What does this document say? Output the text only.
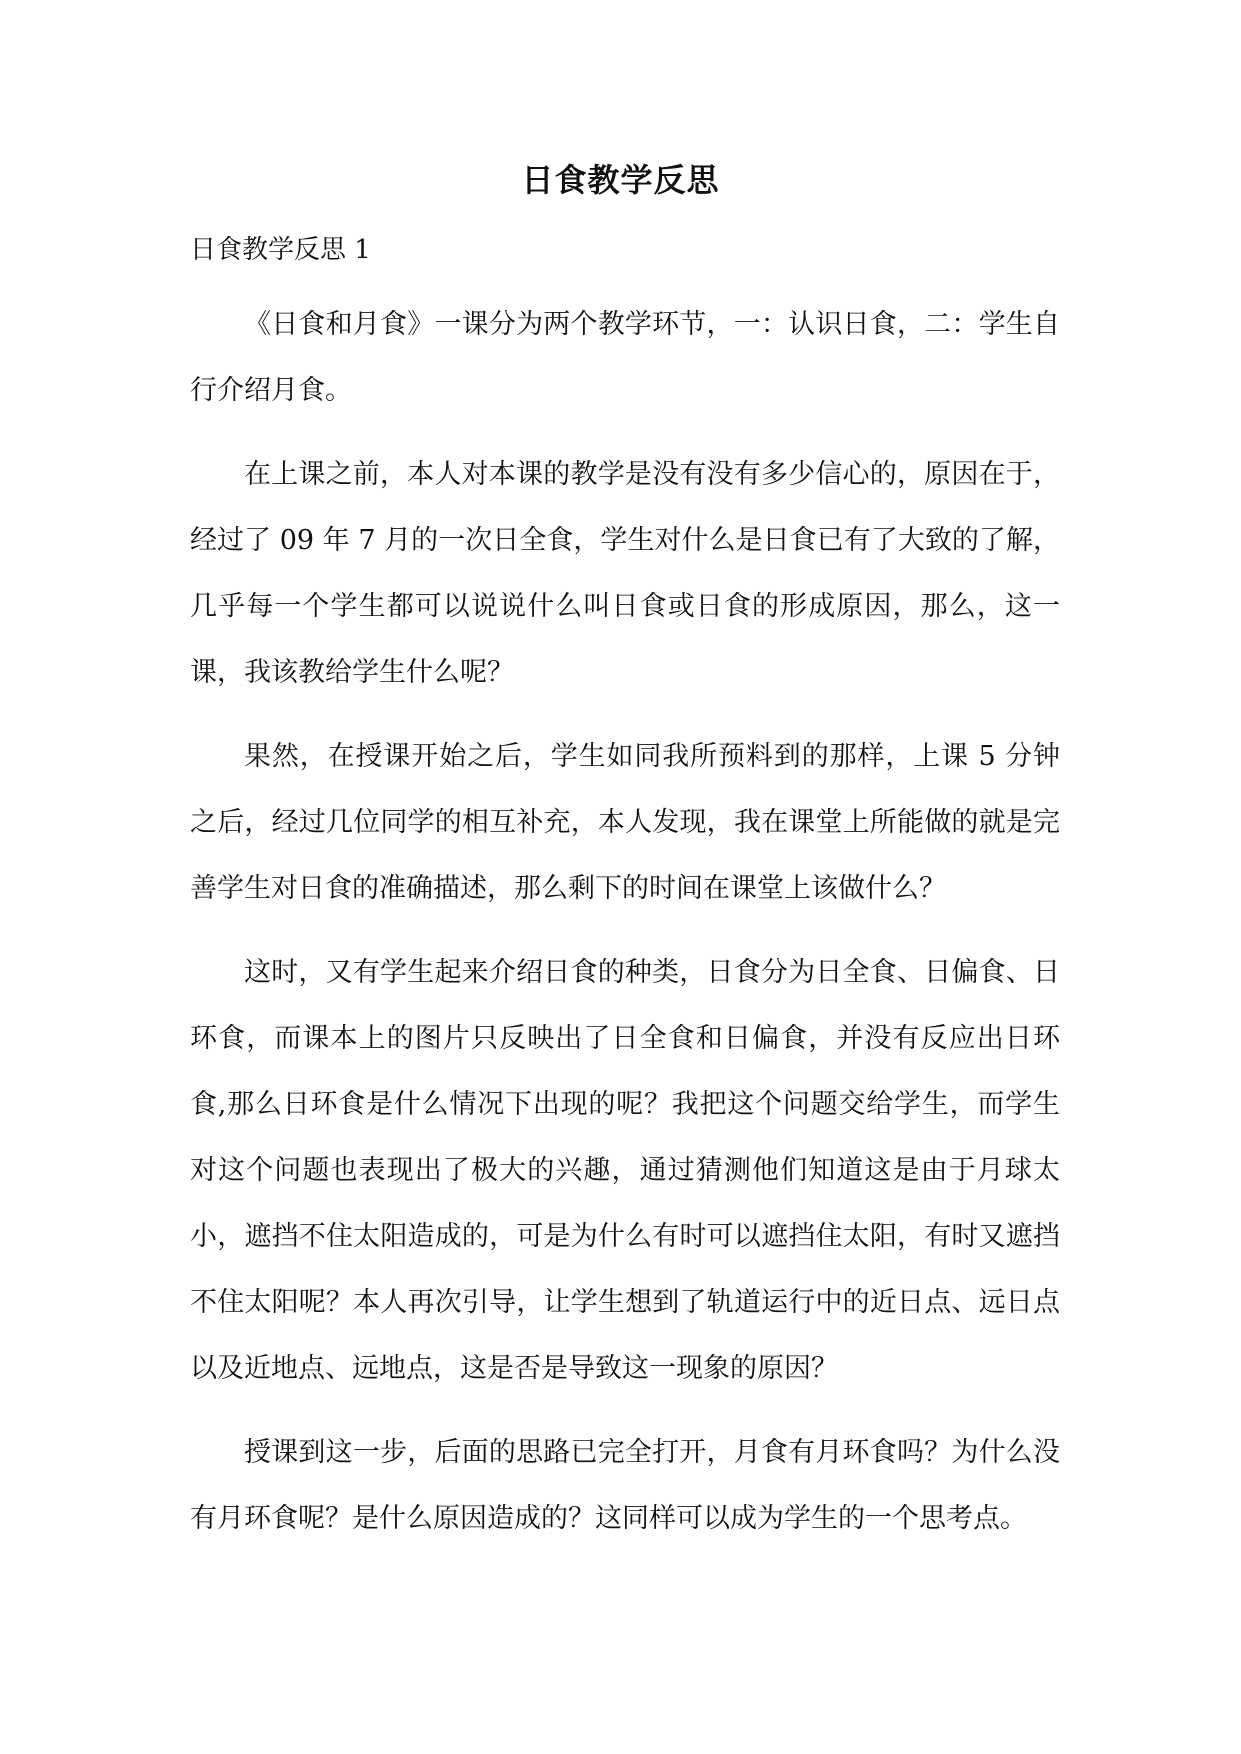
日食教学反思
日食教学反思 1

《日食和月食》一课分为两个教学环节，一：认识日食，二：学生自行介绍月食。

在上课之前，本人对本课的教学是没有没有多少信心的，原因在于，经过了 09 年 7 月的一次日全食，学生对什么是日食已有了大致的了解，几乎每一个学生都可以说说什么叫日食或日食的形成原因，那么，这一课，我该教给学生什么呢？

果然，在授课开始之后，学生如同我所预料到的那样，上课 5 分钟之后，经过几位同学的相互补充，本人发现，我在课堂上所能做的就是完善学生对日食的准确描述，那么剩下的时间在课堂上该做什么？

这时，又有学生起来介绍日食的种类，日食分为日全食、日偏食、日环食，而课本上的图片只反映出了日全食和日偏食，并没有反应出日环食,那么日环食是什么情况下出现的呢？我把这个问题交给学生，而学生对这个问题也表现出了极大的兴趣，通过猜测他们知道这是由于月球太小，遮挡不住太阳造成的，可是为什么有时可以遮挡住太阳，有时又遮挡不住太阳呢？本人再次引导，让学生想到了轨道运行中的近日点、远日点以及近地点、远地点，这是否是导致这一现象的原因？

授课到这一步，后面的思路已完全打开，月食有月环食吗？为什么没有月环食呢？是什么原因造成的？这同样可以成为学生的一个思考点。
